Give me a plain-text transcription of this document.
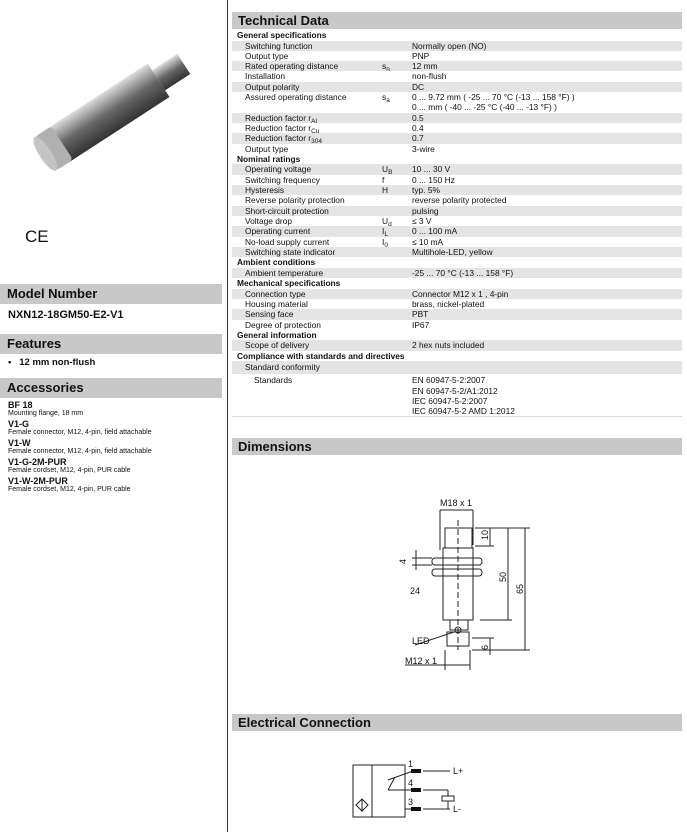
CE
Model Number
NXN12-18GM50-E2-V1
Features
•   12 mm non-flush
Accessories
BF 18
Mounting flange, 18 mm
V1-G
Female connector, M12, 4-pin, field attachable
V1-W
Female connector, M12, 4-pin, field attachable
V1-G-2M-PUR
Female cordset, M12, 4-pin, PUR cable
V1-W-2M-PUR
Female cordset, M12, 4-pin, PUR cable
Technical Data
General specifications
Switching function	Normally open (NO)
Output type	PNP
Rated operating distance	$s_n$	12 mm
Installation	non-flush
Output polarity	DC
Assured operating distance	$s_a$	0 ... 9.72 mm ( -25 ... 70 °C (-13 ... 158 °F) )
0 ... mm ( -40 ... -25 °C (-40 ... -13 °F) )
Reduction factor $r_{Al}$	0.5
Reduction factor $r_{Cu}$	0.4
Reduction factor $r_{304}$	0.7
Output type	3-wire
Nominal ratings
Operating voltage	$U_B$	10 ... 30 V
Switching frequency	f	0 ... 150 Hz
Hysteresis	H	typ. 5%
Reverse polarity protection	reverse polarity protected
Short-circuit protection	pulsing
Voltage drop	$U_d$	≤ 3 V
Operating current	$I_L$	0 ... 100 mA
No-load supply current	$I_0$	≤ 10 mA
Switching state indicator	Multihole-LED, yellow
Ambient conditions
Ambient temperature	-25 ... 70 °C (-13 ... 158 °F)
Mechanical specifications
Connection type	Connector M12 x 1 , 4-pin
Housing material	brass, nickel-plated
Sensing face	PBT
Degree of protection	IP67
General information
Scope of delivery	2 hex nuts included
Compliance with standards and directives
Standard conformity
Standards	EN 60947-5-2:2007
EN 60947-5-2/A1:2012
IEC 60947-5-2:2007
IEC 60947-5-2 AMD 1:2012
Dimensions
M18 x 1
10
4
50
65
6
24
LED
M12 x 1
Electrical Connection
1
4
3
L+
L-
